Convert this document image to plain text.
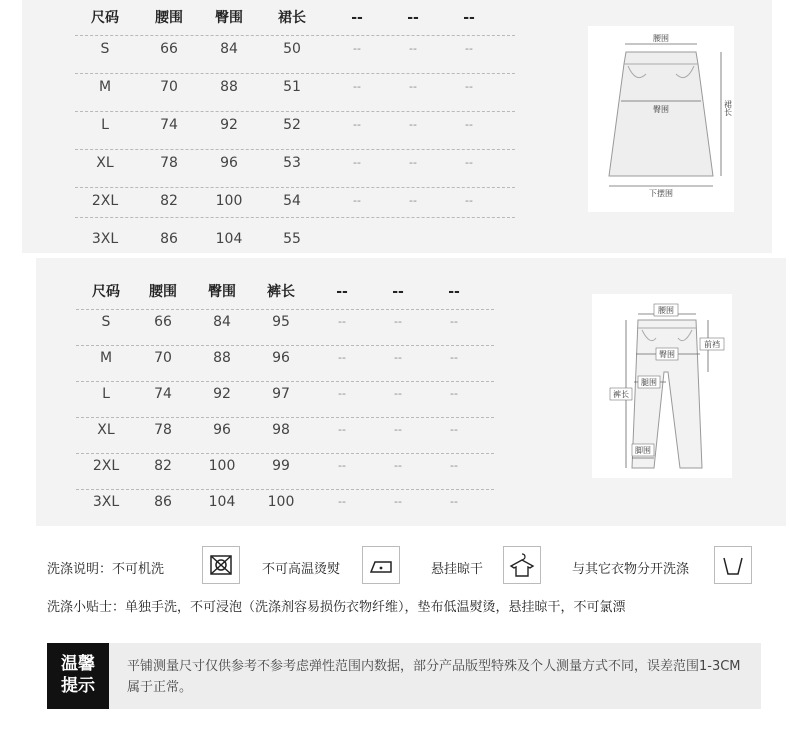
尺码	腰围	臀围	裙长	--	--	--
S	66	84	50	--	--	--
M	70	88	51	--	--	--
L	74	92	52	--	--	--
XL	78	96	53	--	--	--
2XL	82	100	54	--	--	--
3XL	86	104	55
腰围
臀围
下摆围
裙长
尺码	腰围	臀围	裤长	--	--	--
S	66	84	95	--	--	--
M	70	88	96	--	--	--
L	74	92	97	--	--	--
XL	78	96	98	--	--	--
2XL	82	100	99	--	--	--
3XL	86	104	100	--	--	--
腰围
臀围
前裆
腿围
裤长
脚围
洗涤说明：不可机洗	不可高温烫熨	悬挂晾干	与其它衣物分开洗涤
洗涤小贴士：单独手洗，不可浸泡（洗涤剂容易损伤衣物纤维），垫布低温熨烫，悬挂晾干，不可氯漂
温馨
提示
平铺测量尺寸仅供参考不参考虑弹性范围内数据，部分产品版型特殊及个人测量方式不同，误差范围1-3CM属于正常。
